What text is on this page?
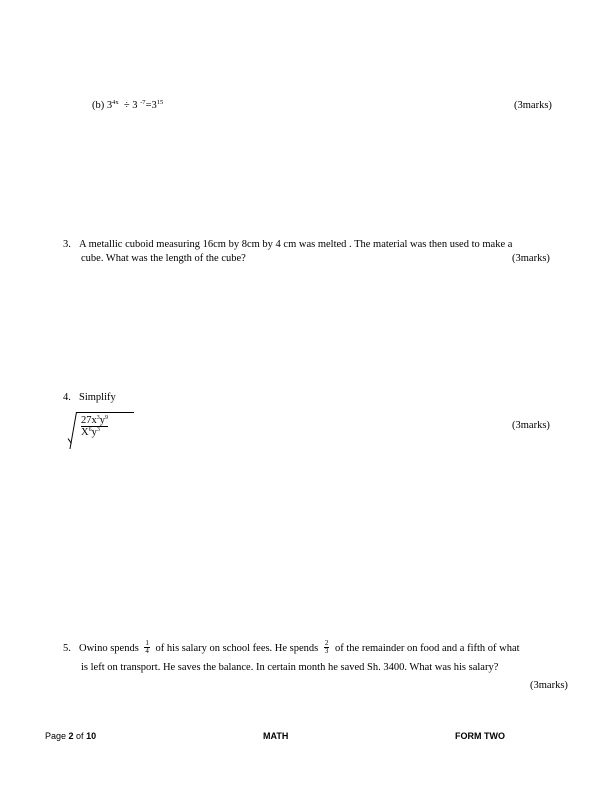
(b) $3^{4x} \div 3$ $^{-7}=3^{15}$	(3marks)
3. A metallic cuboid measuring 16cm by 8cm by 4 cm was melted . The material was then used to make a
cube. What was the length of the cube?	(3marks)
4. Simplify
$\frac{27x^3y^9}{X^6y^3}$	(3marks)
5. Owino spends $\frac{1}{4}$ of his salary on school fees. He spends $\frac{2}{3}$ of the remainder on food and a fifth of what
is left on transport. He saves the balance. In certain month he saved Sh. 3400. What was his salary?
(3marks)
Page 2 of 10	MATH	FORM TWO
